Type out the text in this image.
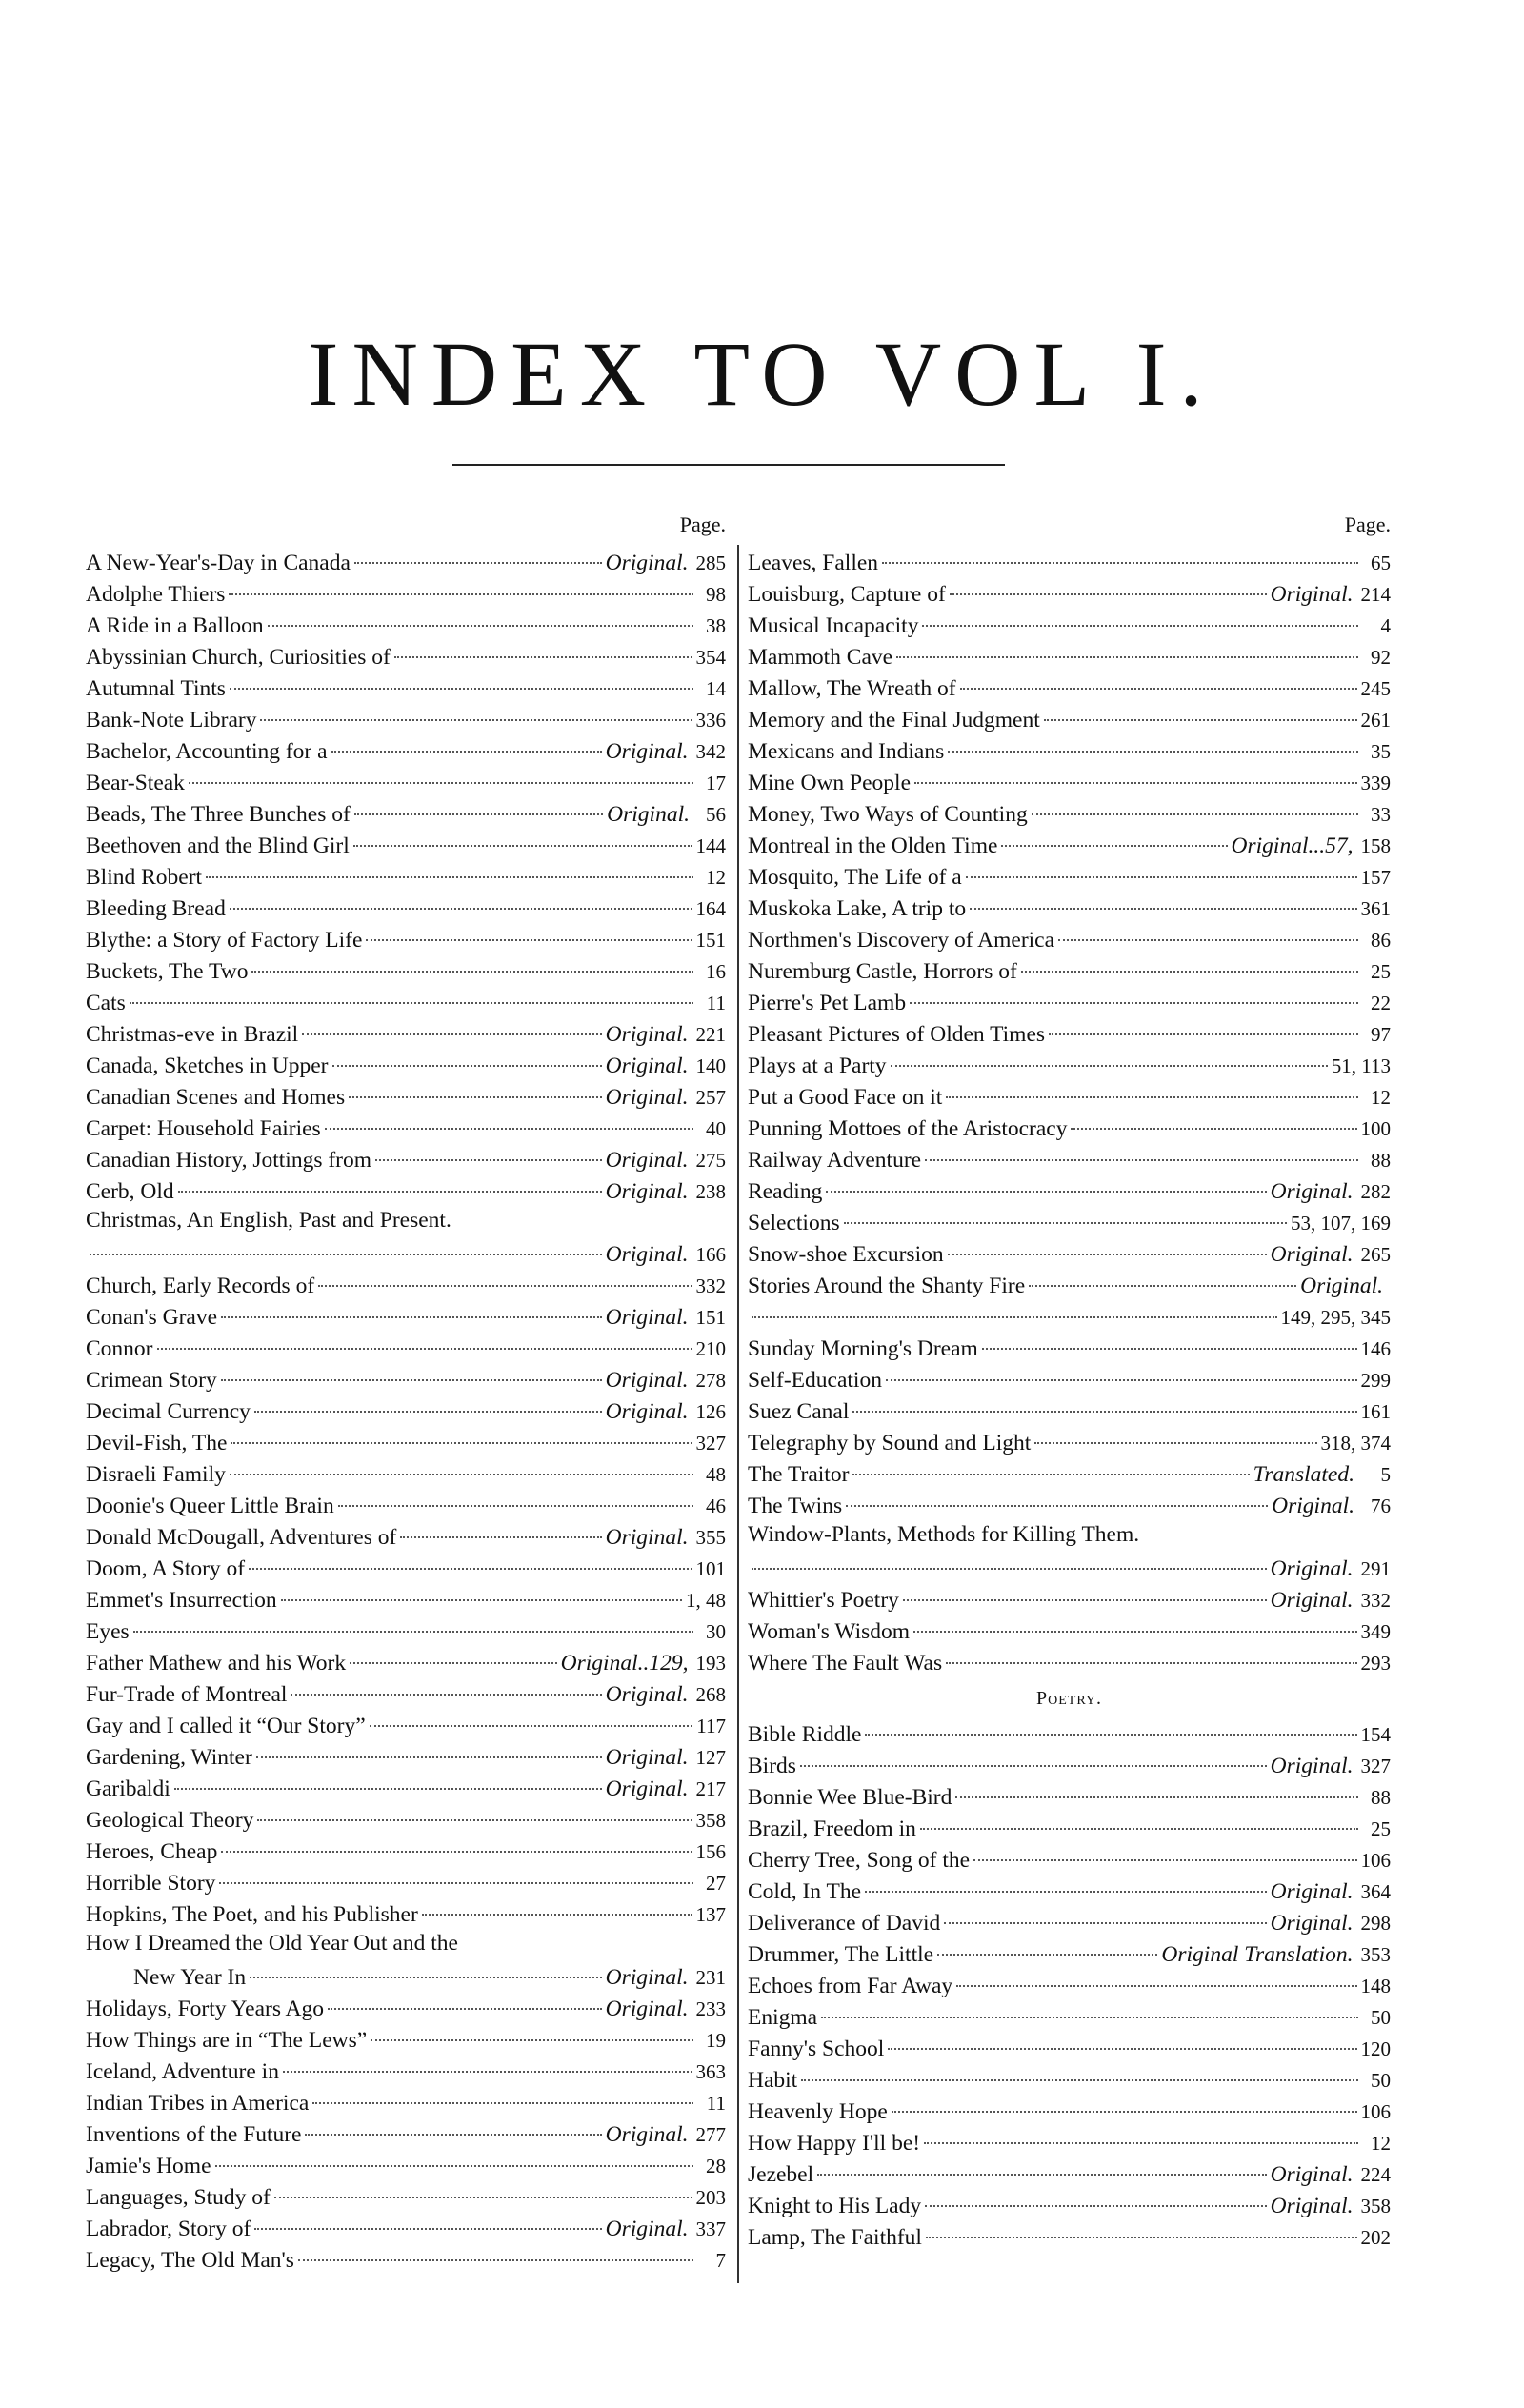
INDEX TO VOL I.
Page.
A New-Year's-Day in Canada	Original. 285
Adolphe Thiers	98
A Ride in a Balloon	38
Abyssinian Church, Curiosities of	354
Autumnal Tints	14
Bank-Note Library	336
Bachelor, Accounting for a	Original. 342
Bear-Steak	17
Beads, The Three Bunches of	Original. 56
Beethoven and the Blind Girl	144
Blind Robert	12
Bleeding Bread	164
Blythe: a Story of Factory Life	151
Buckets, The Two	16
Cats	11
Christmas-eve in Brazil	Original. 221
Canada, Sketches in Upper	Original. 140
Canadian Scenes and Homes	Original. 257
Carpet: Household Fairies	40
Canadian History, Jottings from	Original. 275
Cerb, Old	Original. 238
Christmas, An English, Past and Present.
Original. 166
Church, Early Records of	332
Conan's Grave	Original. 151
Connor	210
Crimean Story	Original. 278
Decimal Currency	Original. 126
Devil-Fish, The	327
Disraeli Family	48
Doonie's Queer Little Brain	46
Donald McDougall, Adventures of	Original. 355
Doom, A Story of	101
Emmet's Insurrection	1, 48
Eyes	30
Father Mathew and his Work	Original..129, 193
Fur-Trade of Montreal	Original. 268
Gay and I called it “Our Story”	117
Gardening, Winter	Original. 127
Garibaldi	Original. 217
Geological Theory	358
Heroes, Cheap	156
Horrible Story	27
Hopkins, The Poet, and his Publisher	137
How I Dreamed the Old Year Out and the
New Year In	Original. 231
Holidays, Forty Years Ago	Original. 233
How Things are in “The Lews”	19
Iceland, Adventure in	363
Indian Tribes in America	11
Inventions of the Future	Original. 277
Jamie's Home	28
Languages, Study of	203
Labrador, Story of	Original. 337
Legacy, The Old Man's	7
Page.
Leaves, Fallen	65
Louisburg, Capture of	Original. 214
Musical Incapacity	4
Mammoth Cave	92
Mallow, The Wreath of	245
Memory and the Final Judgment	261
Mexicans and Indians	35
Mine Own People	339
Money, Two Ways of Counting	33
Montreal in the Olden Time	Original...57, 158
Mosquito, The Life of a	157
Muskoka Lake, A trip to	361
Northmen's Discovery of America	86
Nuremburg Castle, Horrors of	25
Pierre's Pet Lamb	22
Pleasant Pictures of Olden Times	97
Plays at a Party	51, 113
Put a Good Face on it	12
Punning Mottoes of the Aristocracy	100
Railway Adventure	88
Reading	Original. 282
Selections	53, 107, 169
Snow-shoe Excursion	Original. 265
Stories Around the Shanty Fire	Original.
149, 295, 345
Sunday Morning's Dream	146
Self-Education	299
Suez Canal	161
Telegraphy by Sound and Light	318, 374
The Traitor	Translated.	5
The Twins	Original. 76
Window-Plants, Methods for Killing Them.
Original. 291
Whittier's Poetry	Original. 332
Woman's Wisdom	349
Where The Fault Was	293
Poetry.
Bible Riddle	154
Birds	Original. 327
Bonnie Wee Blue-Bird	88
Brazil, Freedom in	25
Cherry Tree, Song of the	106
Cold, In The	Original. 364
Deliverance of David	Original. 298
Drummer, The Little	Original Translation. 353
Echoes from Far Away	148
Enigma	50
Fanny's School	120
Habit	50
Heavenly Hope	106
How Happy I'll be!	12
Jezebel	Original. 224
Knight to His Lady	Original. 358
Lamp, The Faithful	202
